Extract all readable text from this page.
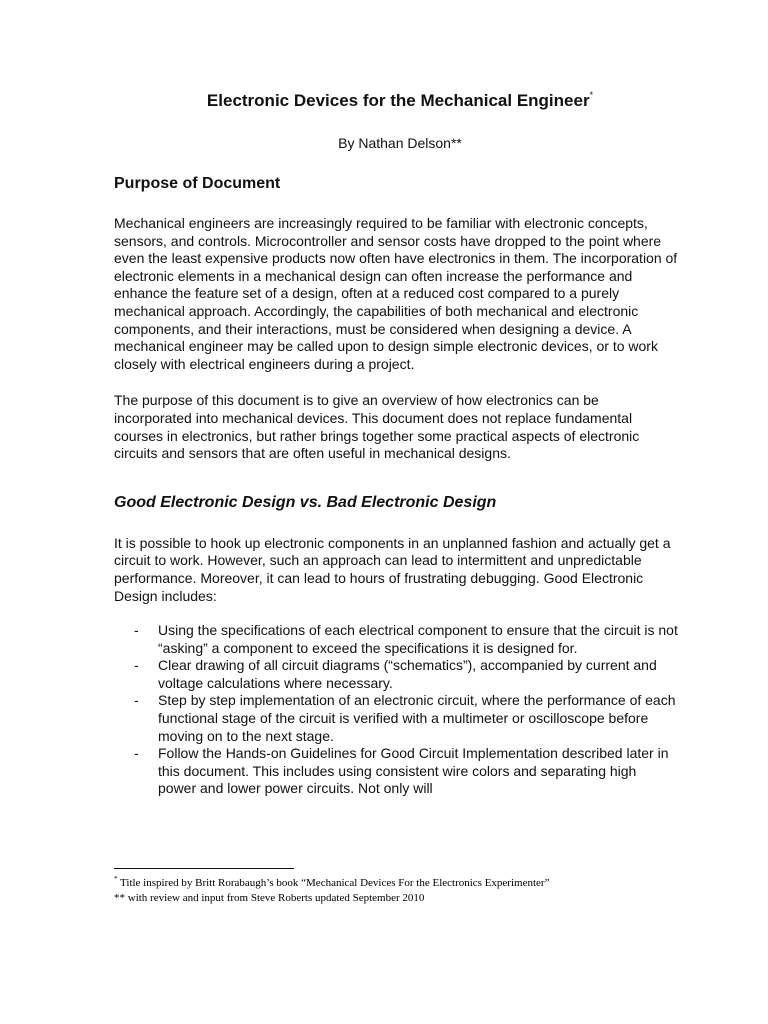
Electronic Devices for the Mechanical Engineer*
By Nathan Delson**
Purpose of Document

Mechanical engineers are increasingly required to be familiar with electronic concepts, sensors, and controls. Microcontroller and sensor costs have dropped to the point where even the least expensive products now often have electronics in them. The incorporation of electronic elements in a mechanical design can often increase the performance and enhance the feature set of a design, often at a reduced cost compared to a purely mechanical approach. Accordingly, the capabilities of both mechanical and electronic components, and their interactions, must be considered when designing a device. A mechanical engineer may be called upon to design simple electronic devices, or to work closely with electrical engineers during a project.

The purpose of this document is to give an overview of how electronics can be incorporated into mechanical devices. This document does not replace fundamental courses in electronics, but rather brings together some practical aspects of electronic circuits and sensors that are often useful in mechanical designs.

Good Electronic Design vs. Bad Electronic Design

It is possible to hook up electronic components in an unplanned fashion and actually get a circuit to work. However, such an approach can lead to intermittent and unpredictable performance. Moreover, it can lead to hours of frustrating debugging. Good Electronic Design includes:

- Using the specifications of each electrical component to ensure that the circuit is not “asking” a component to exceed the specifications it is designed for.
- Clear drawing of all circuit diagrams (“schematics”), accompanied by current and voltage calculations where necessary.
- Step by step implementation of an electronic circuit, where the performance of each functional stage of the circuit is verified with a multimeter or oscilloscope before moving on to the next stage.
- Follow the Hands-on Guidelines for Good Circuit Implementation described later in this document. This includes using consistent wire colors and separating high power and lower power circuits. Not only will
* Title inspired by Britt Rorabaugh’s book “Mechanical Devices For the Electronics Experimenter”
** with review and input from Steve Roberts updated September 2010
